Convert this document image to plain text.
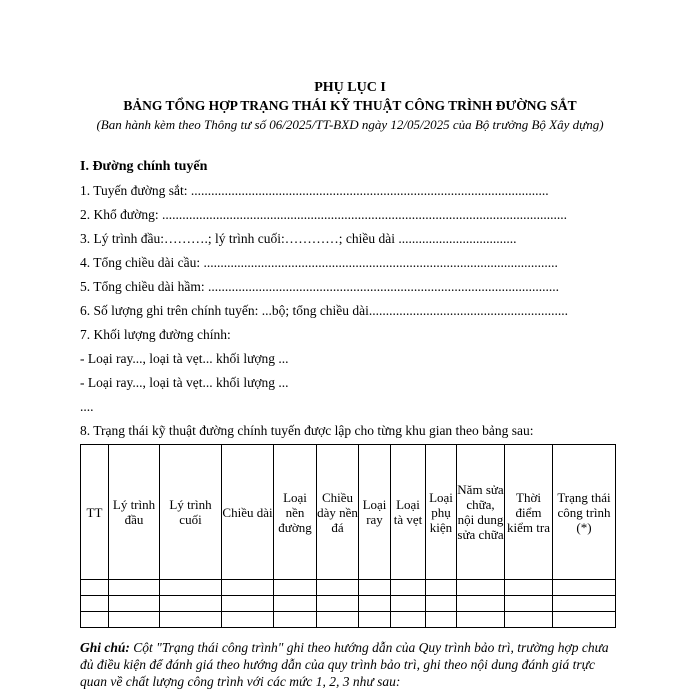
PHỤ LỤC I

BẢNG TỔNG HỢP TRẠNG THÁI KỸ THUẬT CÔNG TRÌNH ĐƯỜNG SẮT

(Ban hành kèm theo Thông tư số 06/2025/TT-BXD ngày 12/05/2025 của Bộ trưởng Bộ Xây dựng)

I. Đường chính tuyến

1. Tuyến đường sắt: ..........................................................................................................
2. Khổ đường: ........................................................................................................................
3. Lý trình đầu:……….; lý trình cuối:…………; chiều dài ...................................
4. Tổng chiều dài cầu: .........................................................................................................
5. Tổng chiều dài hầm: ........................................................................................................
6. Số lượng ghi trên chính tuyến: ...bộ; tổng chiều dài...........................................................
7. Khối lượng đường chính:
- Loại ray..., loại tà vẹt... khối lượng ...
- Loại ray..., loại tà vẹt... khối lượng ...
....
8. Trạng thái kỹ thuật đường chính tuyến được lập cho từng khu gian theo bảng sau:
TT	Lý trình đầu	Lý trình cuối	Chiều dài	Loại nền đường	Chiều dày nền đá	Loại ray	Loại tà vẹt	Loại phụ kiện	Năm sửa chữa, nội dung sửa chữa	Thời điểm kiểm tra	Trạng thái công trình (*)

Ghi chú: Cột "Trạng thái công trình" ghi theo hướng dẫn của Quy trình bảo trì, trường hợp chưa đủ điều kiện để đánh giá theo hướng dẫn của quy trình bảo trì, ghi theo nội dung đánh giá trực quan về chất lượng công trình với các mức 1, 2, 3 như sau:
